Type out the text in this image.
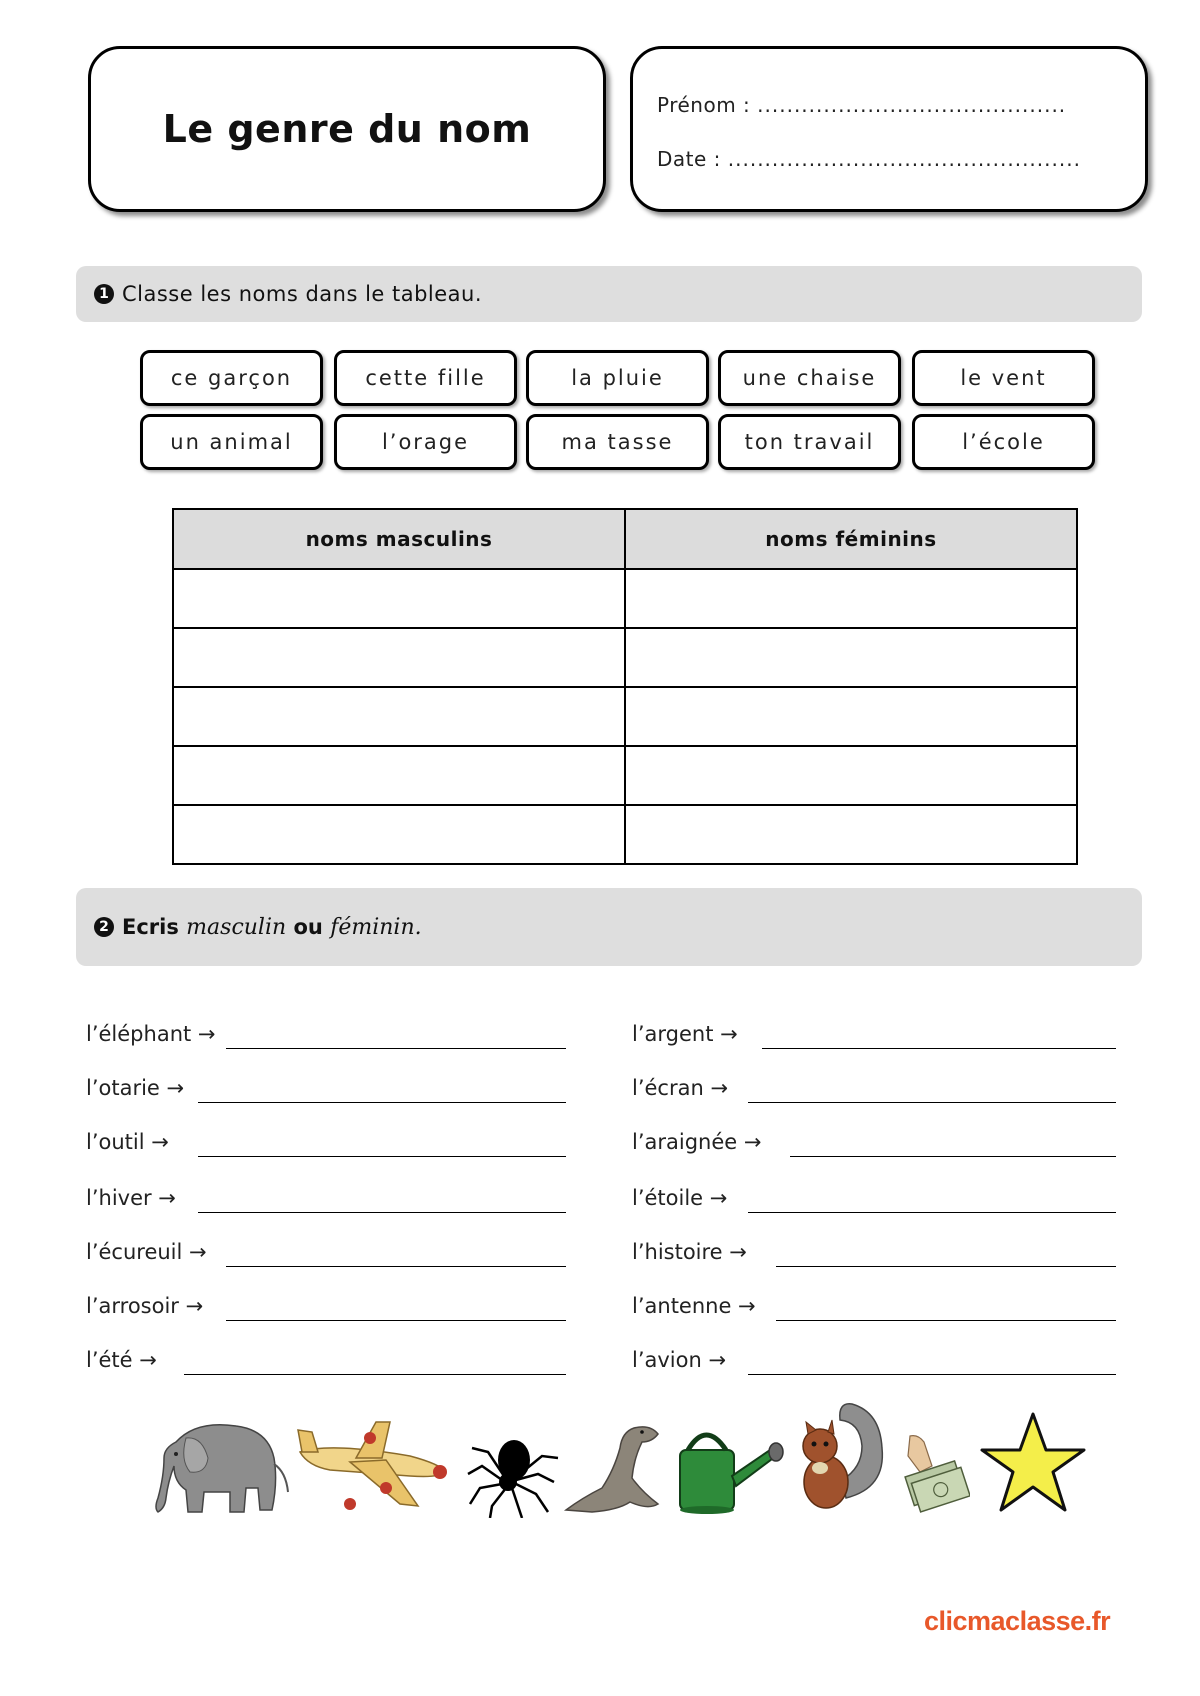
Le genre du nom
Prénom : ..........................................
Date : ................................................
1 Classe les noms dans le tableau.
ce garçon	cette fille	la pluie	une chaise	le vent
un animal	l’orage	ma tasse	ton travail	l’école
noms masculins	noms féminins

2 Ecris
masculin
ou
féminin.
l’éléphant →
l’otarie →
l’outil →
l’hiver →
l’écureuil →
l’arrosoir →
l’été →
l’argent →
l’écran →
l’araignée →
l’étoile →
l’histoire →
l’antenne →
l’avion →
clicmaclasse.fr
